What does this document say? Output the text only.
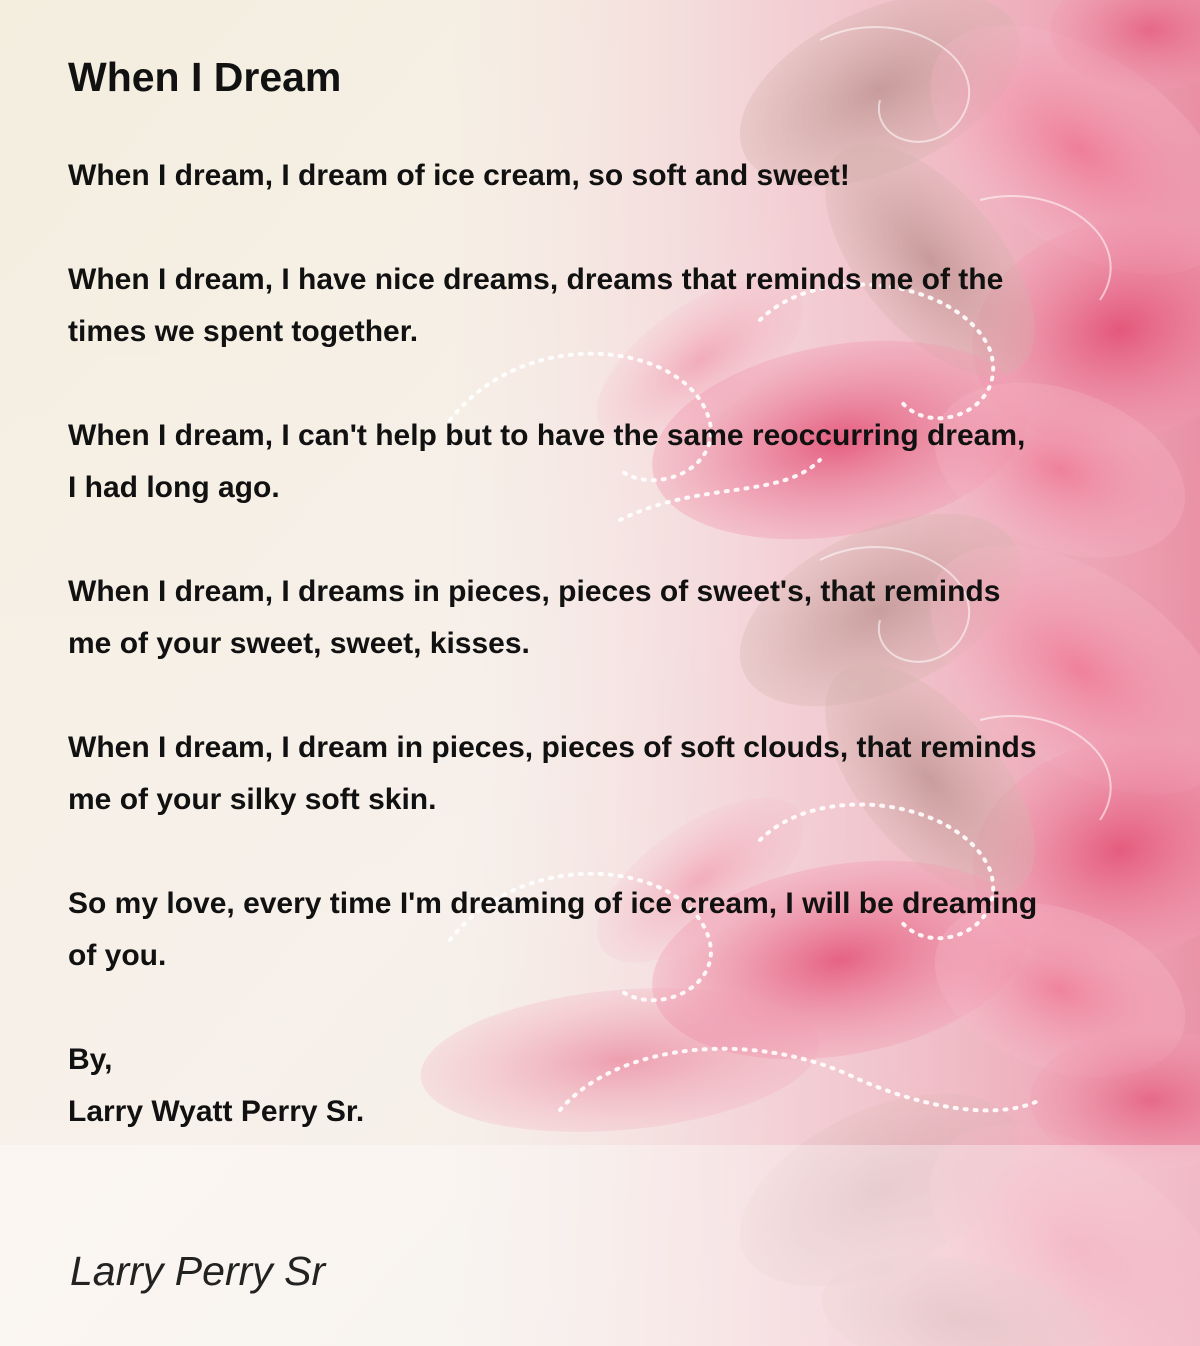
When I Dream

When I dream, I dream of ice cream, so soft and sweet!

When I dream, I have nice dreams, dreams that reminds me of the
times we spent together.

When I dream, I can't help but to have the same reoccurring dream,
I had long ago.

When I dream, I dreams in pieces, pieces of sweet's, that reminds
me of your sweet, sweet, kisses.

When I dream, I dream in pieces, pieces of soft clouds, that reminds
me of your silky soft skin.

So my love, every time I'm dreaming of ice cream, I will be dreaming
of you.

By,
Larry Wyatt Perry Sr.

Larry Perry Sr
